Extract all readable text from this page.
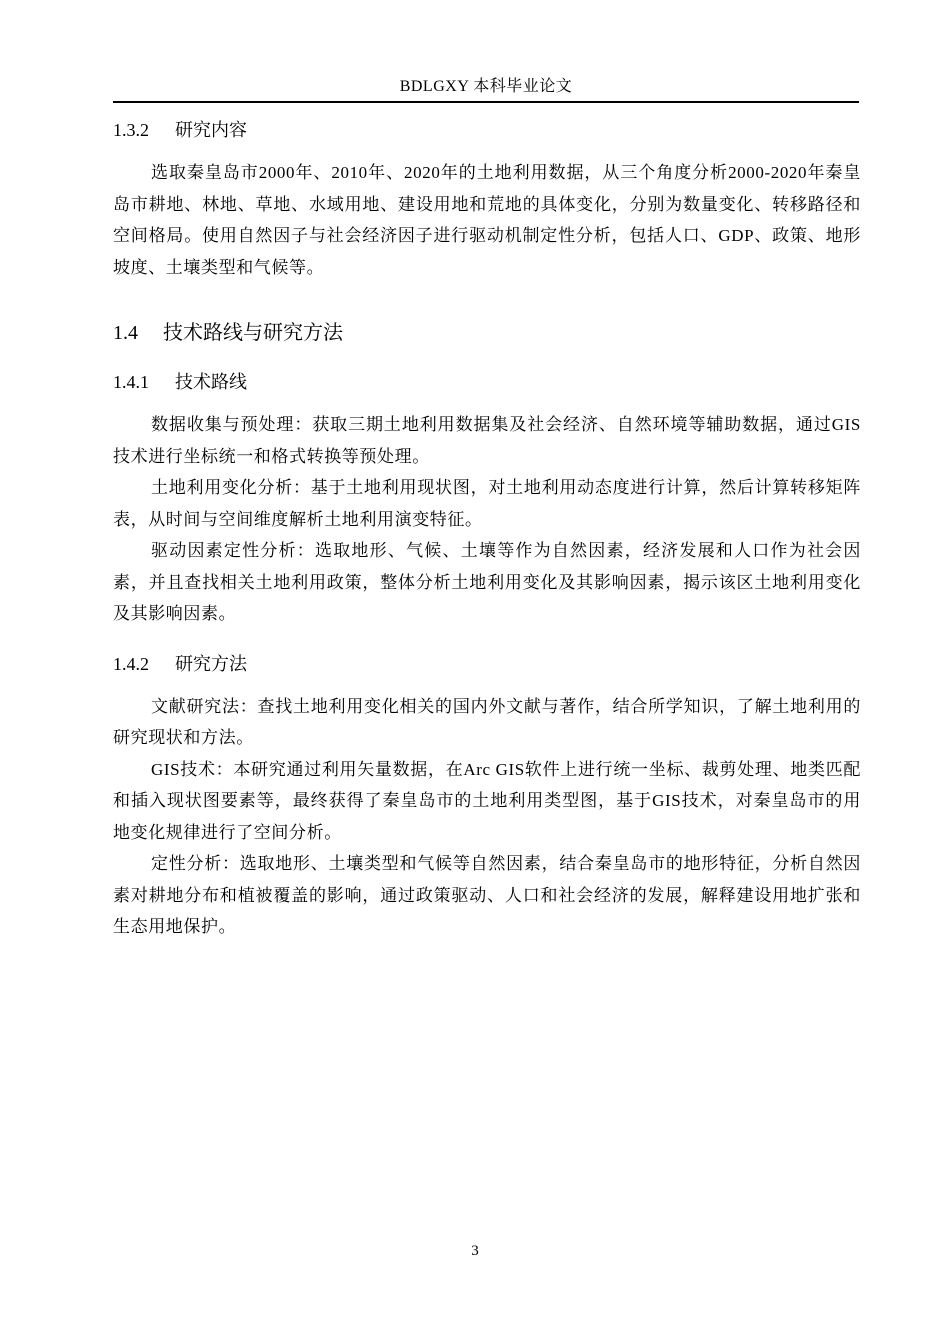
BDLGXY 本科毕业论文
1.3.2 研究内容

选取秦皇岛市2000年、2010年、2020年的土地利用数据，从三个角度分析2000-2020年秦皇岛市耕地、林地、草地、水域用地、建设用地和荒地的具体变化，分别为数量变化、转移路径和空间格局。使用自然因子与社会经济因子进行驱动机制定性分析，包括人口、GDP、政策、地形坡度、土壤类型和气候等。

1.4 技术路线与研究方法
1.4.1 技术路线

数据收集与预处理：获取三期土地利用数据集及社会经济、自然环境等辅助数据，通过GIS技术进行坐标统一和格式转换等预处理。

土地利用变化分析：基于土地利用现状图，对土地利用动态度进行计算，然后计算转移矩阵表，从时间与空间维度解析土地利用演变特征。

驱动因素定性分析：选取地形、气候、土壤等作为自然因素，经济发展和人口作为社会因素，并且查找相关土地利用政策，整体分析土地利用变化及其影响因素，揭示该区土地利用变化及其影响因素。

1.4.2 研究方法

文献研究法：查找土地利用变化相关的国内外文献与著作，结合所学知识，了解土地利用的研究现状和方法。

GIS技术：本研究通过利用矢量数据，在Arc GIS软件上进行统一坐标、裁剪处理、地类匹配和插入现状图要素等，最终获得了秦皇岛市的土地利用类型图，基于GIS技术，对秦皇岛市的用地变化规律进行了空间分析。

定性分析：选取地形、土壤类型和气候等自然因素，结合秦皇岛市的地形特征，分析自然因素对耕地分布和植被覆盖的影响，通过政策驱动、人口和社会经济的发展，解释建设用地扩张和生态用地保护。

3
